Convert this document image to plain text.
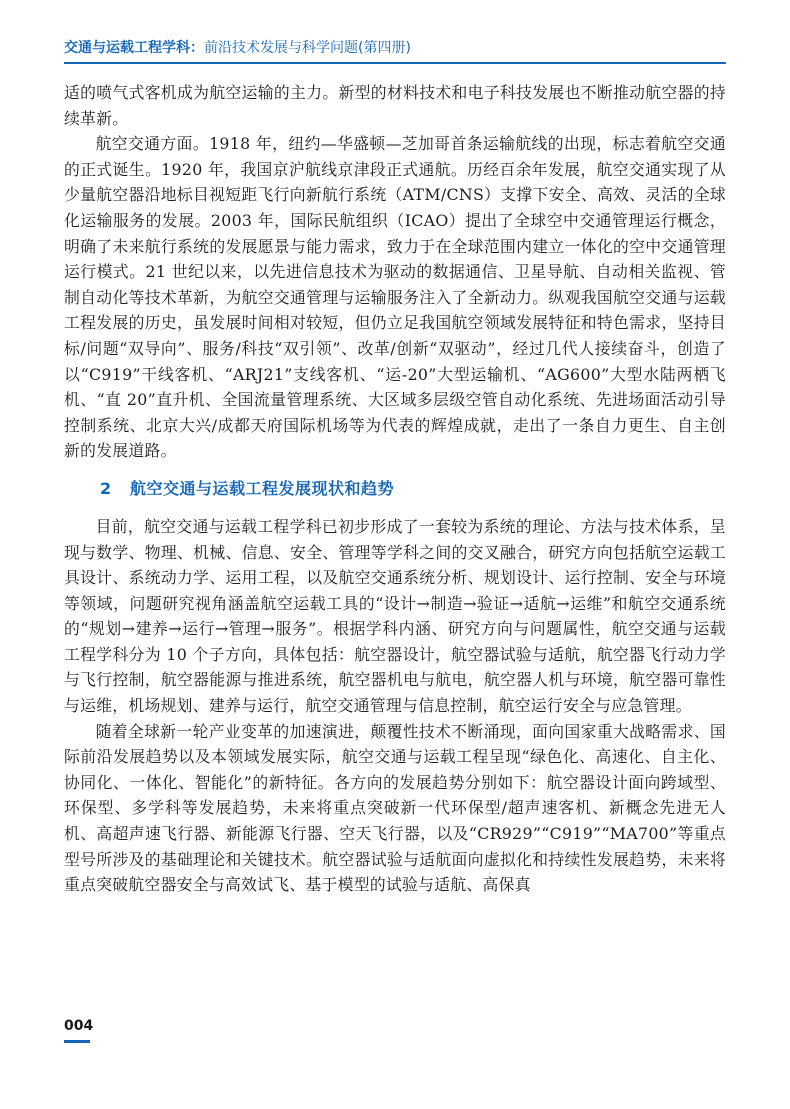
交通与运载工程学科：前沿技术发展与科学问题(第四册)

适的喷气式客机成为航空运输的主力。新型的材料技术和电子科技发展也不断推动航空器的持续革新。

航空交通方面。1918 年，纽约—华盛顿—芝加哥首条运输航线的出现，标志着航空交通的正式诞生。1920 年，我国京沪航线京津段正式通航。历经百余年发展，航空交通实现了从少量航空器沿地标目视短距飞行向新航行系统（ATM/CNS）支撑下安全、高效、灵活的全球化运输服务的发展。2003 年，国际民航组织（ICAO）提出了全球空中交通管理运行概念，明确了未来航行系统的发展愿景与能力需求，致力于在全球范围内建立一体化的空中交通管理运行模式。21 世纪以来，以先进信息技术为驱动的数据通信、卫星导航、自动相关监视、管制自动化等技术革新，为航空交通管理与运输服务注入了全新动力。纵观我国航空交通与运载工程发展的历史，虽发展时间相对较短，但仍立足我国航空领域发展特征和特色需求，坚持目标/问题“双导向”、服务/科技“双引领”、改革/创新“双驱动”，经过几代人接续奋斗，创造了以“C919”干线客机、“ARJ21”支线客机、“运-20”大型运输机、“AG600”大型水陆两栖飞机、“直 20”直升机、全国流量管理系统、大区域多层级空管自动化系统、先进场面活动引导控制系统、北京大兴/成都天府国际机场等为代表的辉煌成就，走出了一条自力更生、自主创新的发展道路。

2 航空交通与运载工程发展现状和趋势

目前，航空交通与运载工程学科已初步形成了一套较为系统的理论、方法与技术体系，呈现与数学、物理、机械、信息、安全、管理等学科之间的交叉融合，研究方向包括航空运载工具设计、系统动力学、运用工程，以及航空交通系统分析、规划设计、运行控制、安全与环境等领域，问题研究视角涵盖航空运载工具的“设计→制造→验证→适航→运维”和航空交通系统的“规划→建养→运行→管理→服务”。根据学科内涵、研究方向与问题属性，航空交通与运载工程学科分为 10 个子方向，具体包括：航空器设计，航空器试验与适航，航空器飞行动力学与飞行控制，航空器能源与推进系统，航空器机电与航电，航空器人机与环境，航空器可靠性与运维，机场规划、建养与运行，航空交通管理与信息控制，航空运行安全与应急管理。

随着全球新一轮产业变革的加速演进，颠覆性技术不断涌现，面向国家重大战略需求、国际前沿发展趋势以及本领域发展实际，航空交通与运载工程呈现“绿色化、高速化、自主化、协同化、一体化、智能化”的新特征。各方向的发展趋势分别如下：航空器设计面向跨域型、环保型、多学科等发展趋势，未来将重点突破新一代环保型/超声速客机、新概念先进无人机、高超声速飞行器、新能源飞行器、空天飞行器，以及“CR929”“C919”“MA700”等重点型号所涉及的基础理论和关键技术。航空器试验与适航面向虚拟化和持续性发展趋势，未来将重点突破航空器安全与高效试飞、基于模型的试验与适航、高保真

004
